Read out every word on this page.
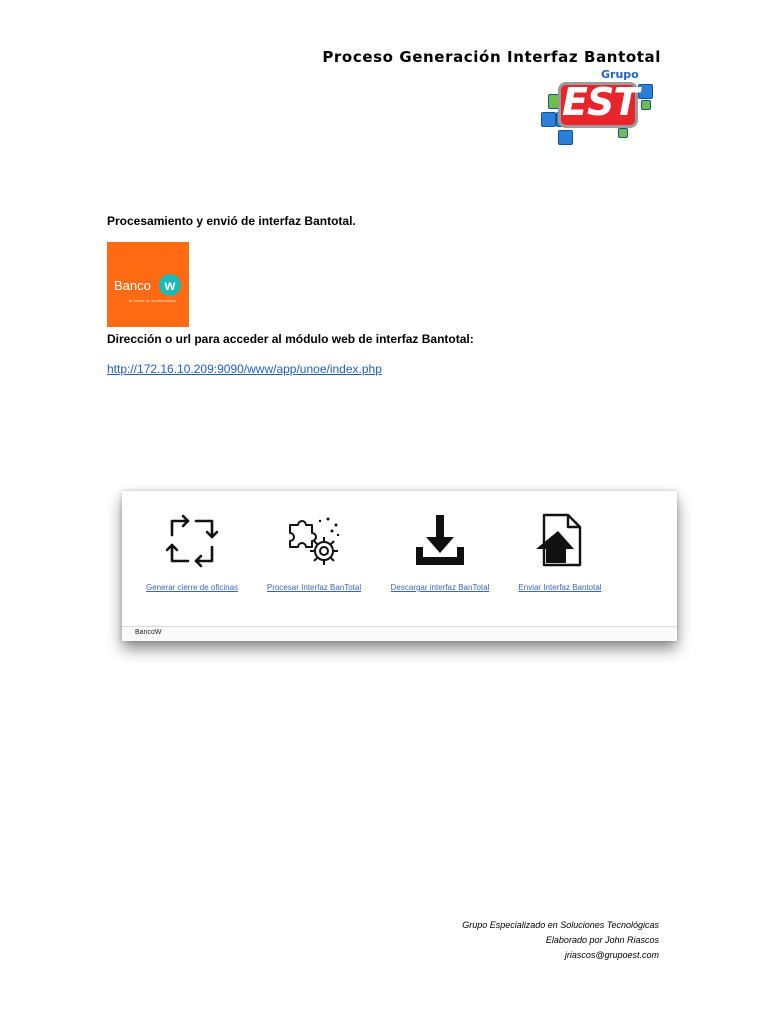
Proceso Generación Interfaz Bantotal
Grupo
EST
Procesamiento y envió de interfaz Bantotal.
Banco w
tu banco de oportunidades
Dirección o url para acceder al módulo web de interfaz Bantotal:
http://172.16.10.209:9090/www/app/unoe/index.php
Generar cierre de oficinas	Procesar Interfaz BanTotal	Descargar interfaz BanTotal	Enviar Interfaz Bantotal
BancoW
Grupo Especializado en Soluciones Tecnológicas
Elaborado por John Riascos
jriascos@grupoest.com
